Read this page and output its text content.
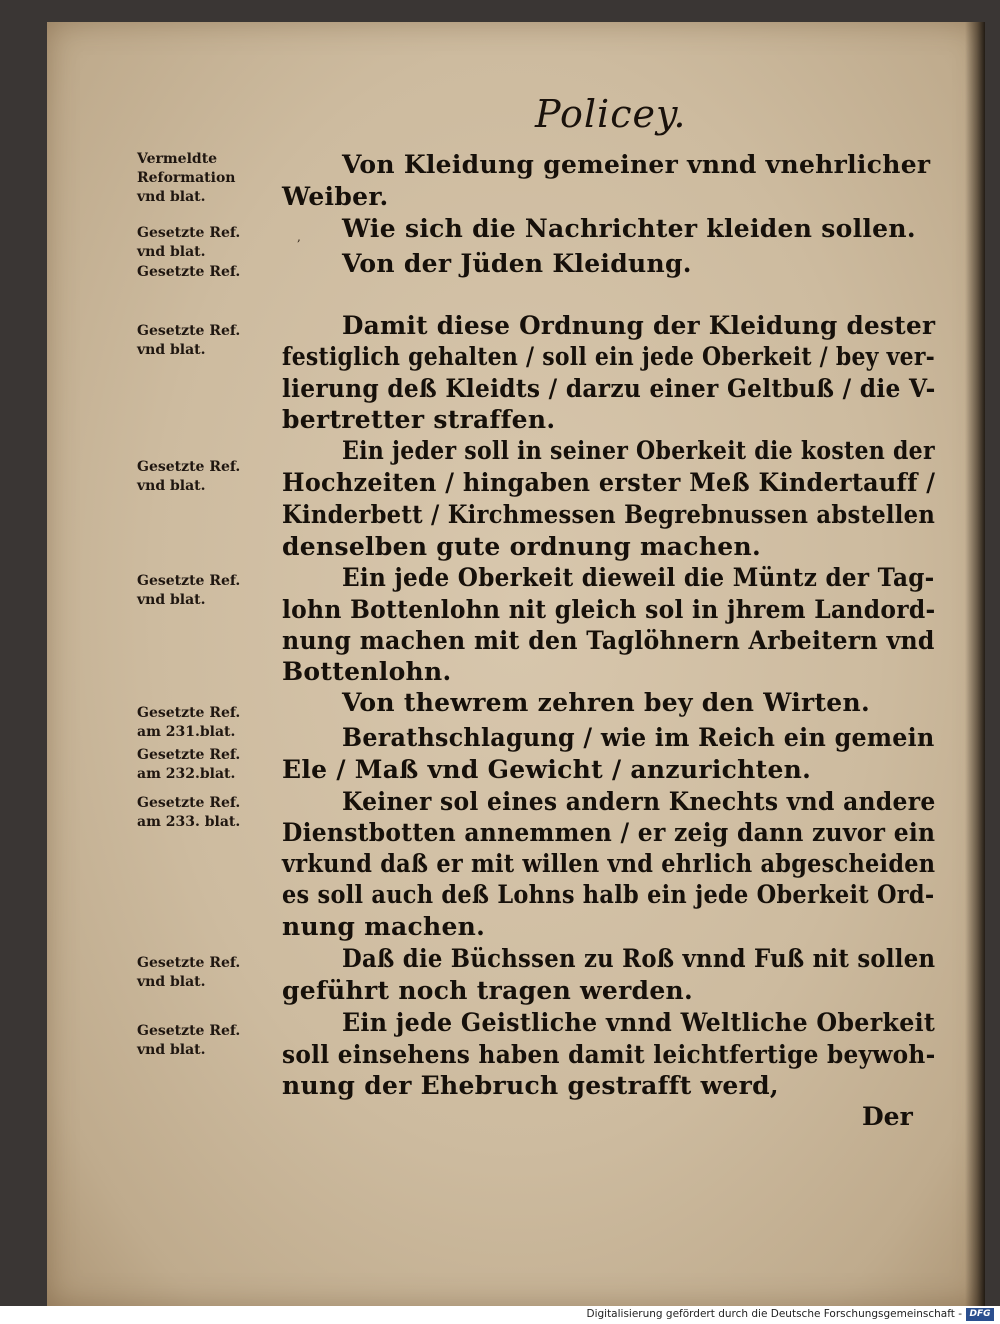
Policey.
,
Vermeldte
Reformation
vnd blat.
Gesetzte Ref.
vnd blat.
Gesetzte Ref.
Gesetzte Ref.
vnd blat.
Gesetzte Ref.
vnd blat.
Gesetzte Ref.
vnd blat.
Gesetzte Ref.
am 231.blat.
Gesetzte Ref.
am 232.blat.
Gesetzte Ref.
am 233. blat.
Gesetzte Ref.
vnd blat.
Gesetzte Ref.
vnd blat.
Von Kleidung gemeiner vnnd vnehrlicher
Weiber.
Wie sich die Nachrichter kleiden sollen.
Von der Jüden Kleidung.
Damit diese Ordnung der Kleidung dester
festiglich gehalten / soll ein jede Oberkeit / bey ver-
lierung deß Kleidts / darzu einer Geltbuß / die V-
bertretter straffen.
Ein jeder soll in seiner Oberkeit die kosten der
Hochzeiten / hingaben erster Meß Kindertauff /
Kinderbett / Kirchmessen Begrebnussen abstellen
denselben gute ordnung machen.
Ein jede Oberkeit dieweil die Müntz der Tag-
lohn Bottenlohn nit gleich sol in jhrem Landord-
nung machen mit den Taglöhnern Arbeitern vnd
Bottenlohn.
Von thewrem zehren bey den Wirten.
Berathschlagung / wie im Reich ein gemein
Ele / Maß vnd Gewicht / anzurichten.
Keiner sol eines andern Knechts vnd andere
Dienstbotten annemmen / er zeig dann zuvor ein
vrkund daß er mit willen vnd ehrlich abgescheiden
es soll auch deß Lohns halb ein jede Oberkeit Ord-
nung machen.
Daß die Büchssen zu Roß vnnd Fuß nit sollen
geführt noch tragen werden.
Ein jede Geistliche vnnd Weltliche Oberkeit
soll einsehens haben damit leichtfertige beywoh-
nung der Ehebruch gestrafft werd,
Der
Digitalisierung gefördert durch die Deutsche Forschungsgemeinschaft - DFG
